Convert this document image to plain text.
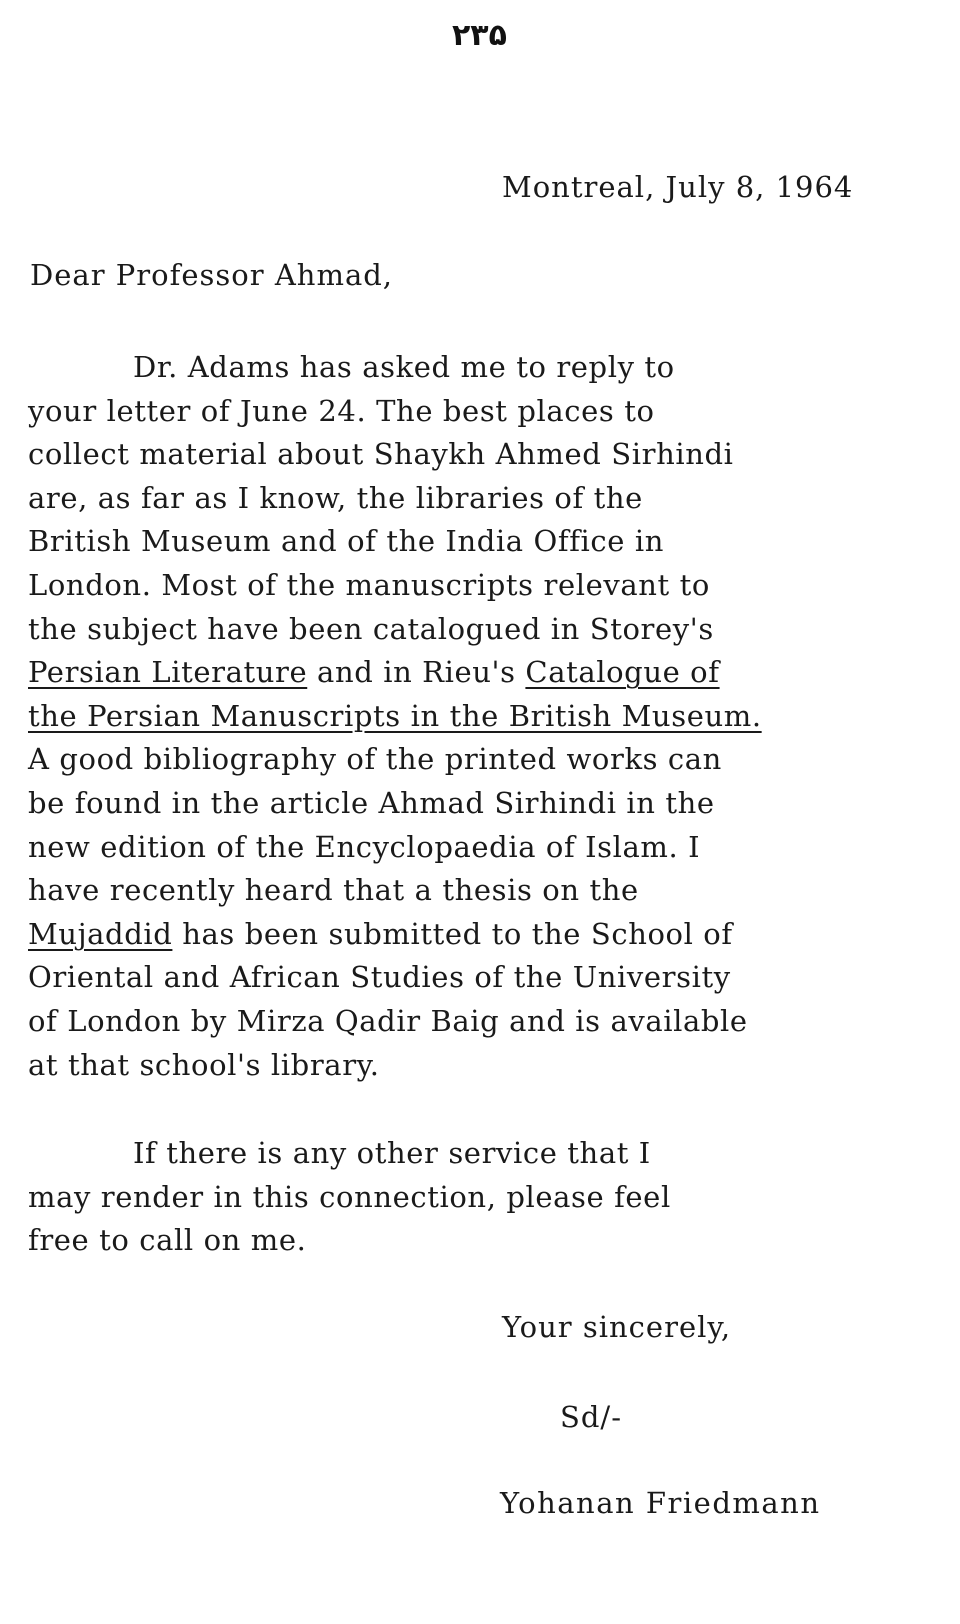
۲۳۵
Montreal, July 8, 1964
Dear Professor Ahmad,
Dr. Adams has asked me to reply to
your letter of June 24. The best places to
collect material about Shaykh Ahmed Sirhindi
are, as far as I know, the libraries of the
British Museum and of the India Office in
London. Most of the manuscripts relevant to
the subject have been catalogued in Storey's
Persian Literature and in Rieu's Catalogue of
the Persian Manuscripts in the British Museum.
A good bibliography of the printed works can
be found in the article Ahmad Sirhindi in the
new edition of the Encyclopaedia of Islam. I
have recently heard that a thesis on the
Mujaddid has been submitted to the School of
Oriental and African Studies of the University
of London by Mirza Qadir Baig and is available
at that school's library.
If there is any other service that I
may render in this connection, please feel
free to call on me.
Your sincerely,
Sd/-
Yohanan Friedmann
